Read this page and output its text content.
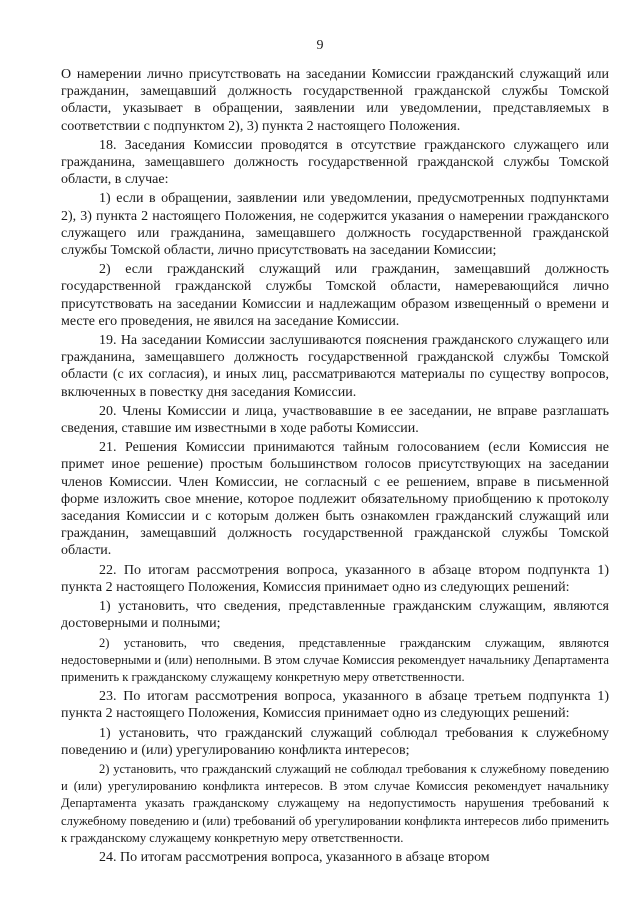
9

О намерении лично присутствовать на заседании Комиссии гражданский служащий или гражданин, замещавший должность государственной гражданской службы Томской области, указывает в обращении, заявлении или уведомлении, представляемых в соответствии с подпунктом 2), 3) пункта 2 настоящего Положения.

18. Заседания Комиссии проводятся в отсутствие гражданского служащего или гражданина, замещавшего должность государственной гражданской службы Томской области, в случае:

1) если в обращении, заявлении или уведомлении, предусмотренных подпунктами 2), 3) пункта 2 настоящего Положения, не содержится указания о намерении гражданского служащего или гражданина, замещавшего должность государственной гражданской службы Томской области, лично присутствовать на заседании Комиссии;

2) если гражданский служащий или гражданин, замещавший должность государственной гражданской службы Томской области, намеревающийся лично присутствовать на заседании Комиссии и надлежащим образом извещенный о времени и месте его проведения, не явился на заседание Комиссии.

19. На заседании Комиссии заслушиваются пояснения гражданского служащего или гражданина, замещавшего должность государственной гражданской службы Томской области (с их согласия), и иных лиц, рассматриваются материалы по существу вопросов, включенных в повестку дня заседания Комиссии.

20. Члены Комиссии и лица, участвовавшие в ее заседании, не вправе разглашать сведения, ставшие им известными в ходе работы Комиссии.

21. Решения Комиссии принимаются тайным голосованием (если Комиссия не примет иное решение) простым большинством голосов присутствующих на заседании членов Комиссии. Член Комиссии, не согласный с ее решением, вправе в письменной форме изложить свое мнение, которое подлежит обязательному приобщению к протоколу заседания Комиссии и с которым должен быть ознакомлен гражданский служащий или гражданин, замещавший должность государственной гражданской службы Томской области.

22. По итогам рассмотрения вопроса, указанного в абзаце втором подпункта 1) пункта 2 настоящего Положения, Комиссия принимает одно из следующих решений:

1) установить, что сведения, представленные гражданским служащим, являются достоверными и полными;

2) установить, что сведения, представленные гражданским служащим, являются недостоверными и (или) неполными. В этом случае Комиссия рекомендует начальнику Департамента применить к гражданскому служащему конкретную меру ответственности.

23. По итогам рассмотрения вопроса, указанного в абзаце третьем подпункта 1) пункта 2 настоящего Положения, Комиссия принимает одно из следующих решений:

1) установить, что гражданский служащий соблюдал требования к служебному поведению и (или) урегулированию конфликта интересов;

2) установить, что гражданский служащий не соблюдал требования к служебному поведению и (или) урегулированию конфликта интересов. В этом случае Комиссия рекомендует начальнику Департамента указать гражданскому служащему на недопустимость нарушения требований к служебному поведению и (или) требований об урегулировании конфликта интересов либо применить к гражданскому служащему конкретную меру ответственности.

24. По итогам рассмотрения вопроса, указанного в абзаце втором
